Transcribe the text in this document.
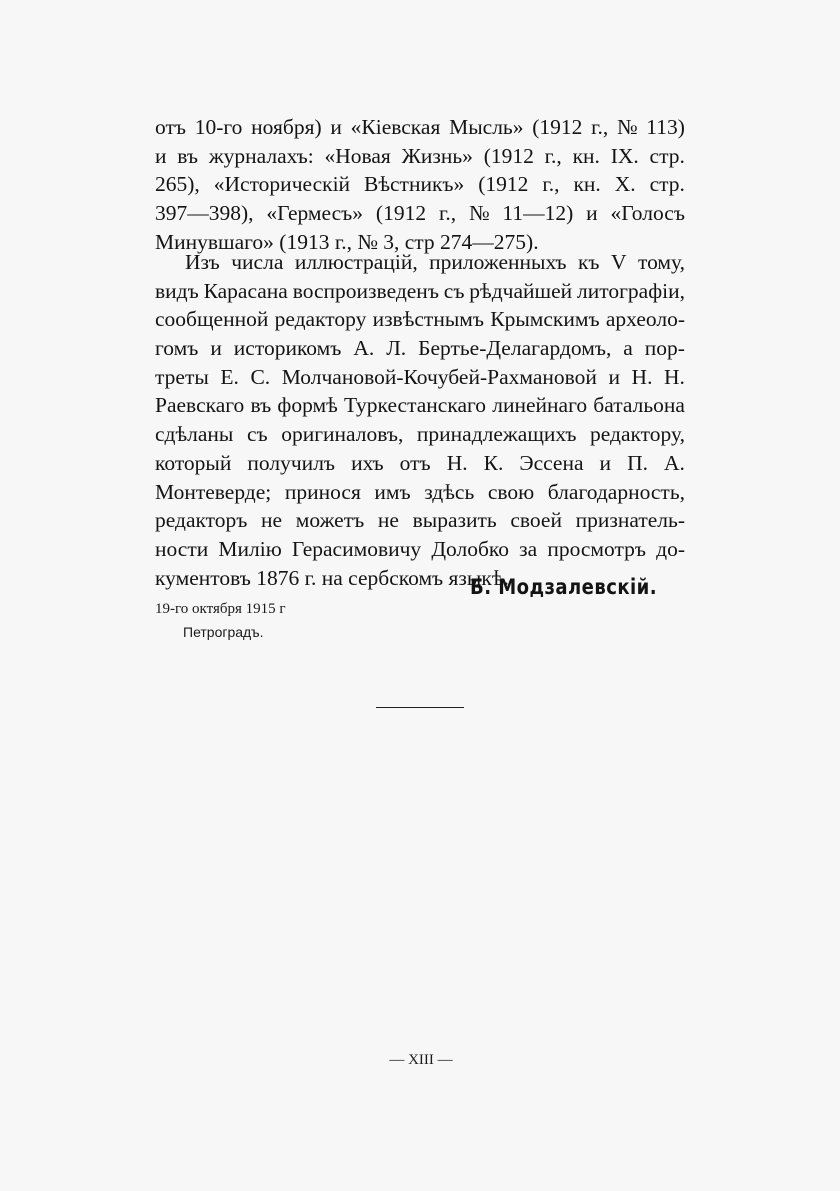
отъ 10-го ноября) и «Кіевская Мысль» (1912 г., № 113)
и въ журналахъ: «Новая Жизнь» (1912 г., кн. IX. стр.
265), «Историческій Вѣстникъ» (1912 г., кн. X. стр.
397—398), «Гермесъ» (1912 г., № 11—12) и «Голосъ
Минувшаго» (1913 г., № 3, стр 274—275).
Изъ числа иллюстрацій, приложенныхъ къ V тому,
видъ Карасана воспроизведенъ съ рѣдчайшей литографіи,
сообщенной редактору извѣстнымъ Крымскимъ археоло-
гомъ и историкомъ А. Л. Бертье-Делагардомъ, а пор-
треты Е. С. Молчановой-Кочубей-Рахмановой и Н. Н.
Раевскаго въ формѣ Туркестанскаго линейнаго батальона
сдѣланы съ оригиналовъ, принадлежащихъ редактору,
который получилъ ихъ отъ Н. К. Эссена и П. А.
Монтеверде; принося имъ здѣсь свою благодарность,
редакторъ не можетъ не выразить своей признатель-
ности Милію Герасимовичу Долобко за просмотръ до-
кументовъ 1876 г. на сербскомъ языкѣ.
Б. Модзалевскій.
19-го октября 1915 г
Петроградъ.
— XIII —
